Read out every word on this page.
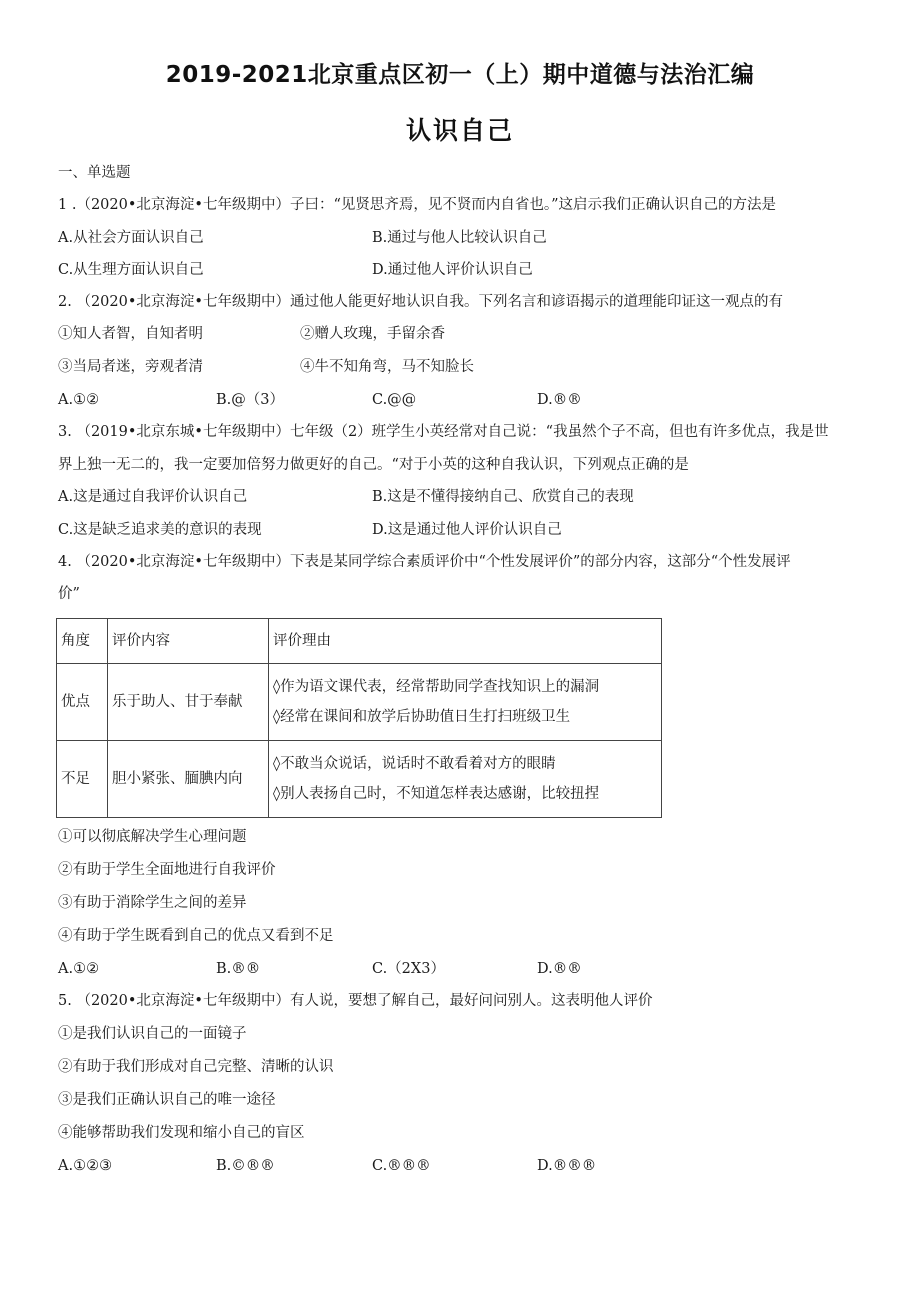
2019-2021北京重点区初一（上）期中道德与法治汇编
认识自己
一、单选题
1 .（2020•北京海淀•七年级期中）子曰：“见贤思齐焉，见不贤而内自省也。”这启示我们正确认识自己的方法是
A.从社会方面认识自己	B.通过与他人比较认识自己
C.从生理方面认识自己	D.通过他人评价认识自己
2. （2020•北京海淀•七年级期中）通过他人能更好地认识自我。下列名言和谚语揭示的道理能印证这一观点的有
①知人者智，自知者明	②赠人玫瑰，手留余香
③当局者迷，旁观者清	④牛不知角弯，马不知脸长
A.①②	B.@（3）	C.@@	D.®®
3. （2019•北京东城•七年级期中）七年级（2）班学生小英经常对自己说：“我虽然个子不高，但也有许多优点，我是世
界上独一无二的，我一定要加倍努力做更好的自己。“对于小英的这种自我认识，下列观点正确的是
A.这是通过自我评价认识自己	B.这是不懂得接纳自己、欣赏自己的表现
C.这是缺乏追求美的意识的表现	D.这是通过他人评价认识自己
4. （2020•北京海淀•七年级期中）下表是某同学综合素质评价中“个性发展评价”的部分内容，这部分“个性发展评
价”
角度	评价内容	评价理由
优点	乐于助人、甘于奉献	◊作为语文课代表，经常帮助同学查找知识上的漏洞
◊经常在课间和放学后协助值日生打扫班级卫生

不足	胆小紧张、腼腆内向	◊不敢当众说话，说话时不敢看着对方的眼睛
◊别人表扬自己时，不知道怎样表达感谢，比较扭捏
①可以彻底解决学生心理问题
②有助于学生全面地进行自我评价
③有助于消除学生之间的差异
④有助于学生既看到自己的优点又看到不足
A.①②	B.®®	C.（2X3）	D.®®
5. （2020•北京海淀•七年级期中）有人说，要想了解自己，最好问问别人。这表明他人评价
①是我们认识自己的一面镜子
②有助于我们形成对自己完整、清晰的认识
③是我们正确认识自己的唯一途径
④能够帮助我们发现和缩小自己的盲区
A.①②③	B.©®®	C.®®®	D.®®®
